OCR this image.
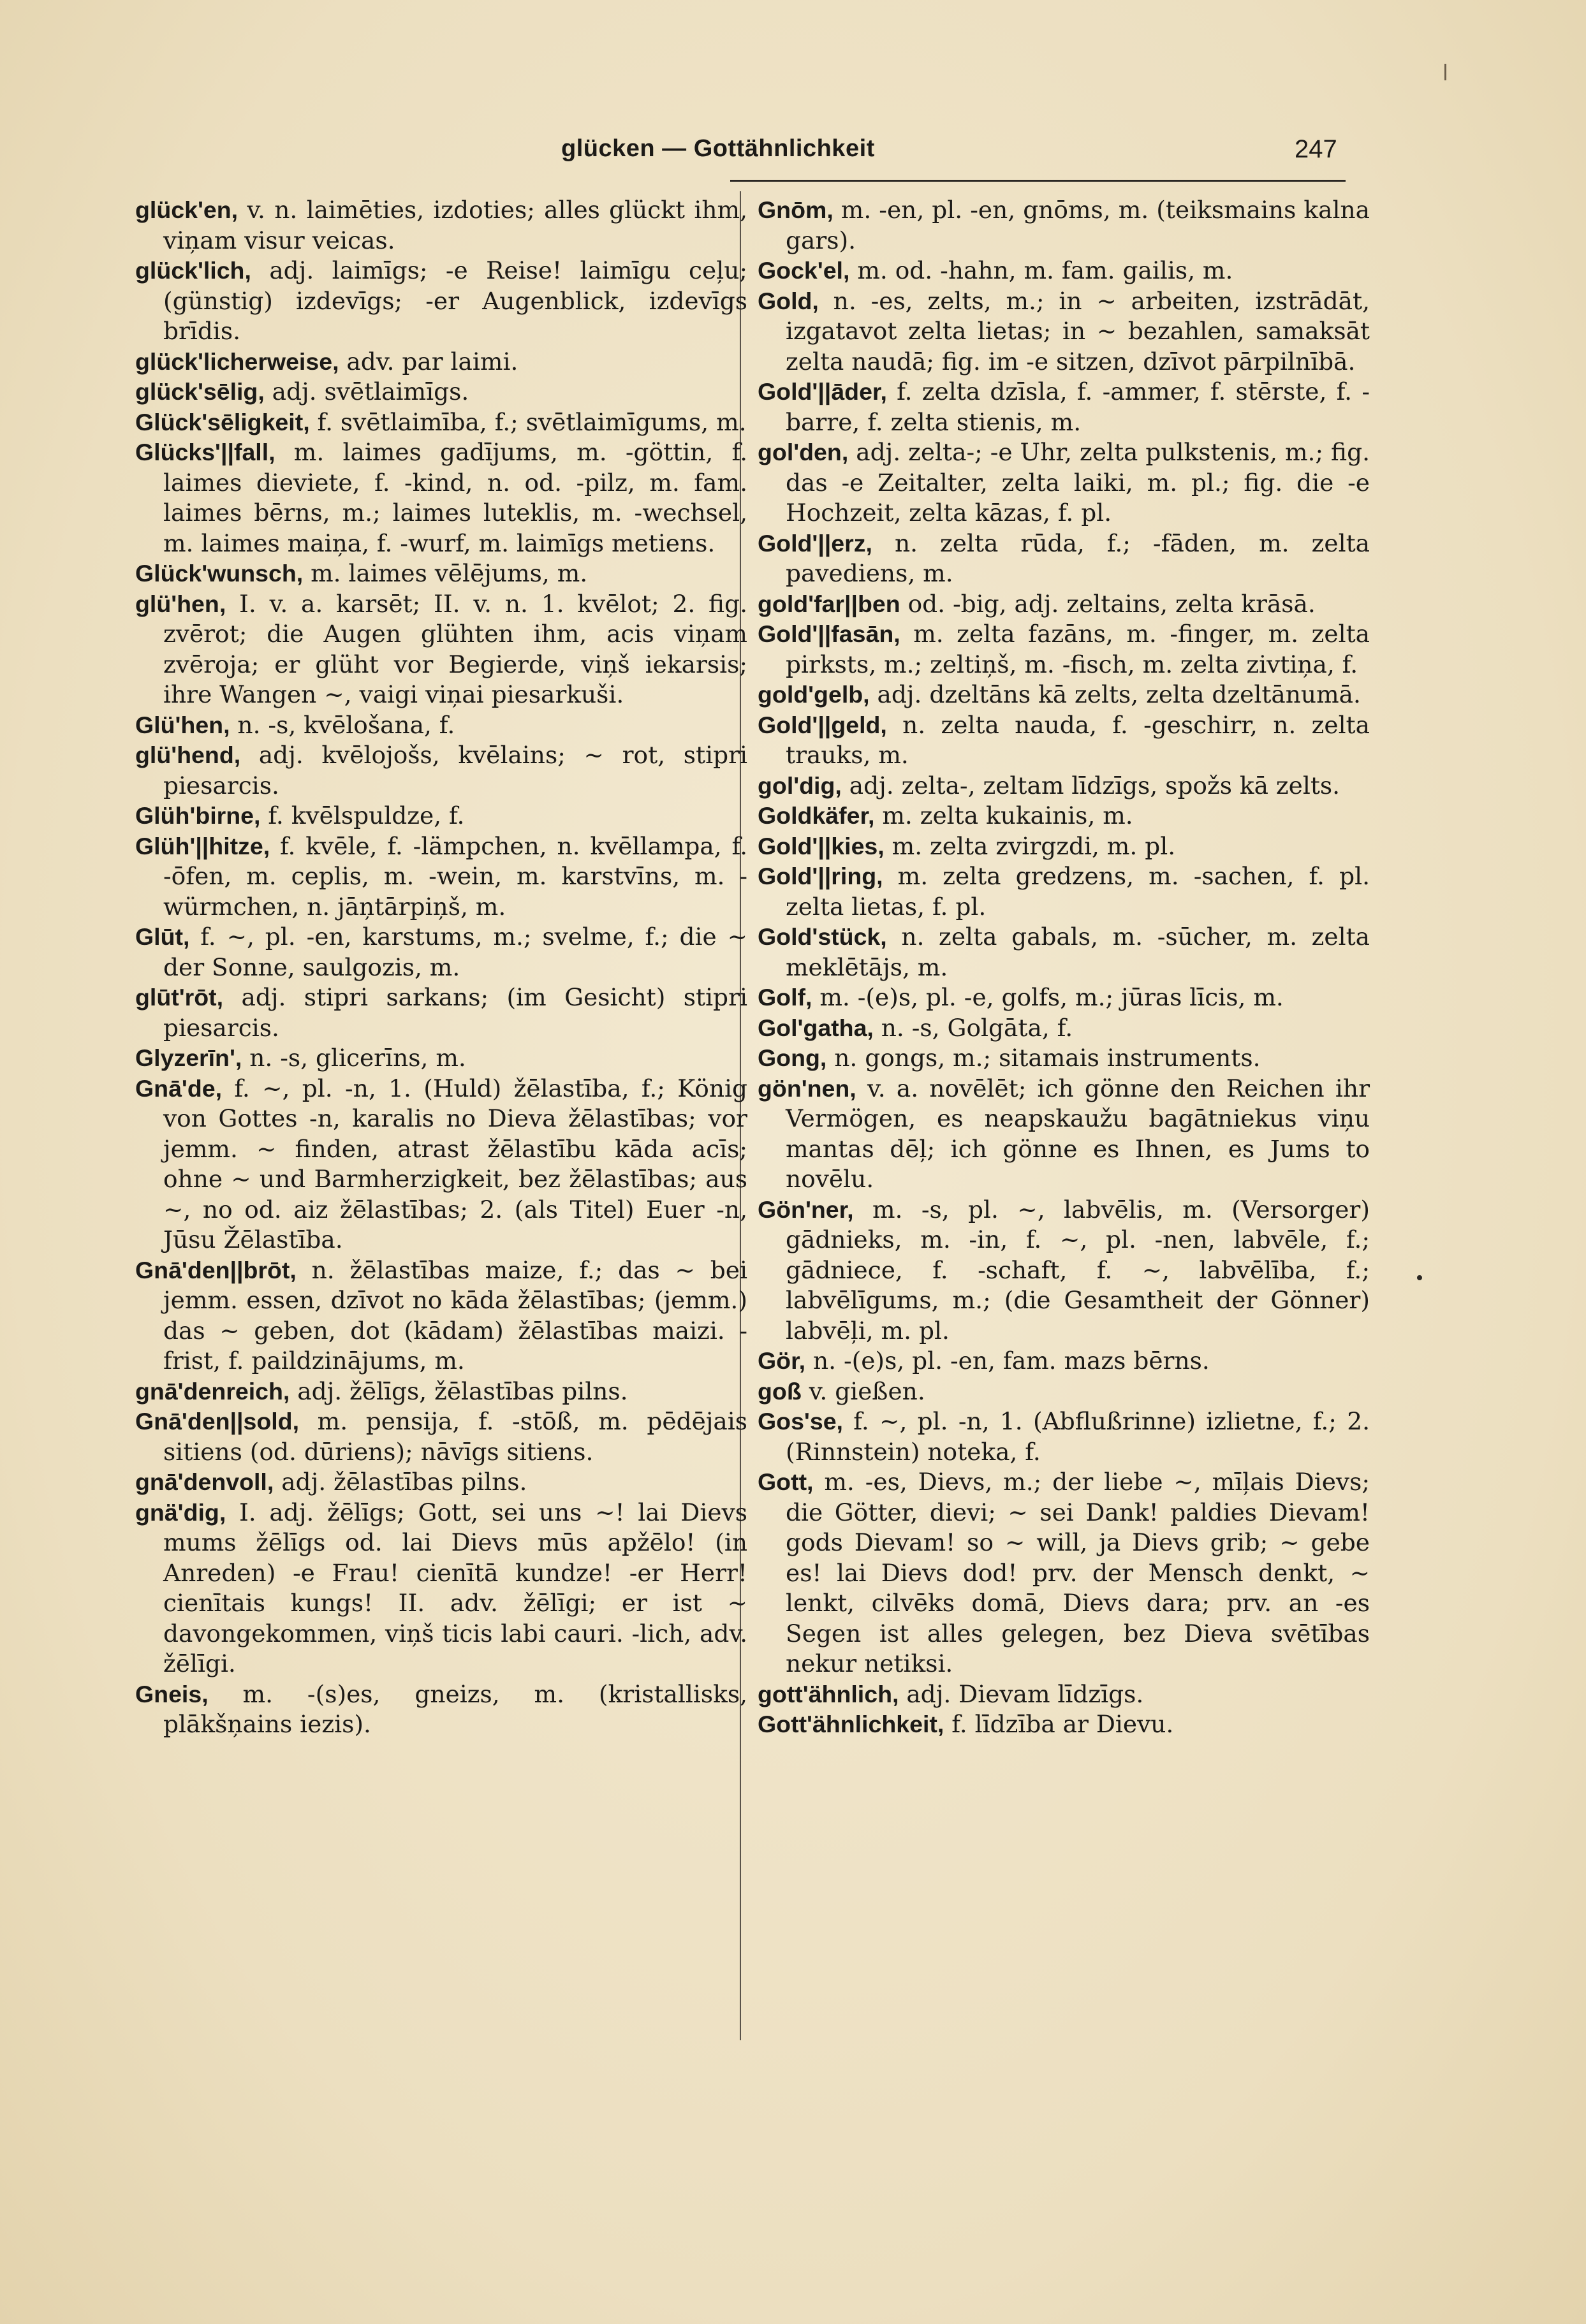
glücken — Gottähnlichkeit	247
glück'en, v. n. laimēties, izdoties; alles glückt ihm, viņam visur veicas.
glück'lich, adj. laimīgs; -e Reise! laimīgu ceļu; (günstig) izdevīgs; -er Augenblick, izdevīgs brīdis.
glück'licherweise, adv. par laimi.
glück'sēlig, adj. svētlaimīgs.
Glück'sēligkeit, f. svētlaimība, f.; svētlaimīgums, m.
Glücks'||fall, m. laimes gadījums, m. -göttin, f. laimes dieviete, f. -kind, n. od. -pilz, m. fam. laimes bērns, m.; laimes luteklis, m. -wechsel, m. laimes maiņa, f. -wurf, m. laimīgs metiens.
Glück'wunsch, m. laimes vēlējums, m.
glü'hen, I. v. a. karsēt; II. v. n. 1. kvēlot; 2. fig. zvērot; die Augen glühten ihm, acis viņam zvēroja; er glüht vor Begierde, viņš iekarsis; ihre Wangen ~, vaigi viņai piesarkuši.
Glü'hen, n. -s, kvēlošana, f.
glü'hend, adj. kvēlojošs, kvēlains; ~ rot, stipri piesarcis.
Glüh'birne, f. kvēlspuldze, f.
Glüh'||hitze, f. kvēle, f. -lämpchen, n. kvēllampa, f. -ōfen, m. ceplis, m. -wein, m. karstvīns, m. -würmchen, n. jāņtārpiņš, m.
Glūt, f. ~, pl. -en, karstums, m.; svelme, f.; die ~ der Sonne, saulgozis, m.
glūt'rōt, adj. stipri sarkans; (im Gesicht) stipri piesarcis.
Glyzerīn', n. -s, glicerīns, m.
Gnā'de, f. ~, pl. -n, 1. (Huld) žēlastība, f.; König von Gottes -n, karalis no Dieva žēlastības; vor jemm. ~ finden, atrast žēlastību kāda acīs; ohne ~ und Barmherzigkeit, bez žēlastības; aus ~, no od. aiz žēlastības; 2. (als Titel) Euer -n, Jūsu Žēlastība.
Gnā'den||brōt, n. žēlastības maize, f.; das ~ bei jemm. essen, dzīvot no kāda žēlastības; (jemm.) das ~ geben, dot (kādam) žēlastības maizi. -frist, f. paildzinājums, m.
gnā'denreich, adj. žēlīgs, žēlastības pilns.
Gnā'den||sold, m. pensija, f. -stōß, m. pēdējais sitiens (od. dūriens); nāvīgs sitiens.
gnā'denvoll, adj. žēlastības pilns.
gnä'dig, I. adj. žēlīgs; Gott, sei uns ~! lai Dievs mums žēlīgs od. lai Dievs mūs apžēlo! (in Anreden) -e Frau! cienītā kundze! -er Herr! cienītais kungs! II. adv. žēlīgi; er ist ~ davongekommen, viņš ticis labi cauri. -lich, adv. žēlīgi.
Gneis, m. -(s)es, gneizs, m. (kristallisks, plākšņains iezis).
Gnōm, m. -en, pl. -en, gnōms, m. (teiksmains kalna gars).
Gock'el, m. od. -hahn, m. fam. gailis, m.
Gold, n. -es, zelts, m.; in ~ arbeiten, izstrādāt, izgatavot zelta lietas; in ~ bezahlen, samaksāt zelta naudā; fig. im -e sitzen, dzīvot pārpilnībā.
Gold'||āder, f. zelta dzīsla, f. -ammer, f. stērste, f. -barre, f. zelta stienis, m.
gol'den, adj. zelta-; -e Uhr, zelta pulkstenis, m.; fig. das -e Zeitalter, zelta laiki, m. pl.; fig. die -e Hochzeit, zelta kāzas, f. pl.
Gold'||erz, n. zelta rūda, f.; -fāden, m. zelta pavediens, m.
gold'far||ben od. -big, adj. zeltains, zelta krāsā.
Gold'||fasān, m. zelta fazāns, m. -finger, m. zelta pirksts, m.; zeltiņš, m. -fisch, m. zelta zivtiņa, f.
gold'gelb, adj. dzeltāns kā zelts, zelta dzeltānumā.
Gold'||geld, n. zelta nauda, f. -geschirr, n. zelta trauks, m.
gol'dig, adj. zelta-, zeltam līdzīgs, spožs kā zelts.
Goldkäfer, m. zelta kukainis, m.
Gold'||kies, m. zelta zvirgzdi, m. pl.
Gold'||ring, m. zelta gredzens, m. -sachen, f. pl. zelta lietas, f. pl.
Gold'stück, n. zelta gabals, m. -sūcher, m. zelta meklētājs, m.
Golf, m. -(e)s, pl. -e, golfs, m.; jūras līcis, m.
Gol'gatha, n. -s, Golgāta, f.
Gong, n. gongs, m.; sitamais instruments.
gön'nen, v. a. novēlēt; ich gönne den Reichen ihr Vermögen, es neapskaužu bagātniekus viņu mantas dēļ; ich gönne es Ihnen, es Jums to novēlu.
Gön'ner, m. -s, pl. ~, labvēlis, m. (Versorger) gādnieks, m. -in, f. ~, pl. -nen, labvēle, f.; gādniece, f. -schaft, f. ~, labvēlība, f.; labvēlīgums, m.; (die Gesamtheit der Gönner) labvēļi, m. pl.
Gör, n. -(e)s, pl. -en, fam. mazs bērns.
goß v. gießen.
Gos'se, f. ~, pl. -n, 1. (Abflußrinne) izlietne, f.; 2. (Rinnstein) noteka, f.
Gott, m. -es, Dievs, m.; der liebe ~, mīļais Dievs; die Götter, dievi; ~ sei Dank! paldies Dievam! gods Dievam! so ~ will, ja Dievs grib; ~ gebe es! lai Dievs dod! prv. der Mensch denkt, ~ lenkt, cilvēks domā, Dievs dara; prv. an -es Segen ist alles gelegen, bez Dieva svētības nekur netiksi.
gott'ähnlich, adj. Dievam līdzīgs.
Gott'ähnlichkeit, f. līdzība ar Dievu.
